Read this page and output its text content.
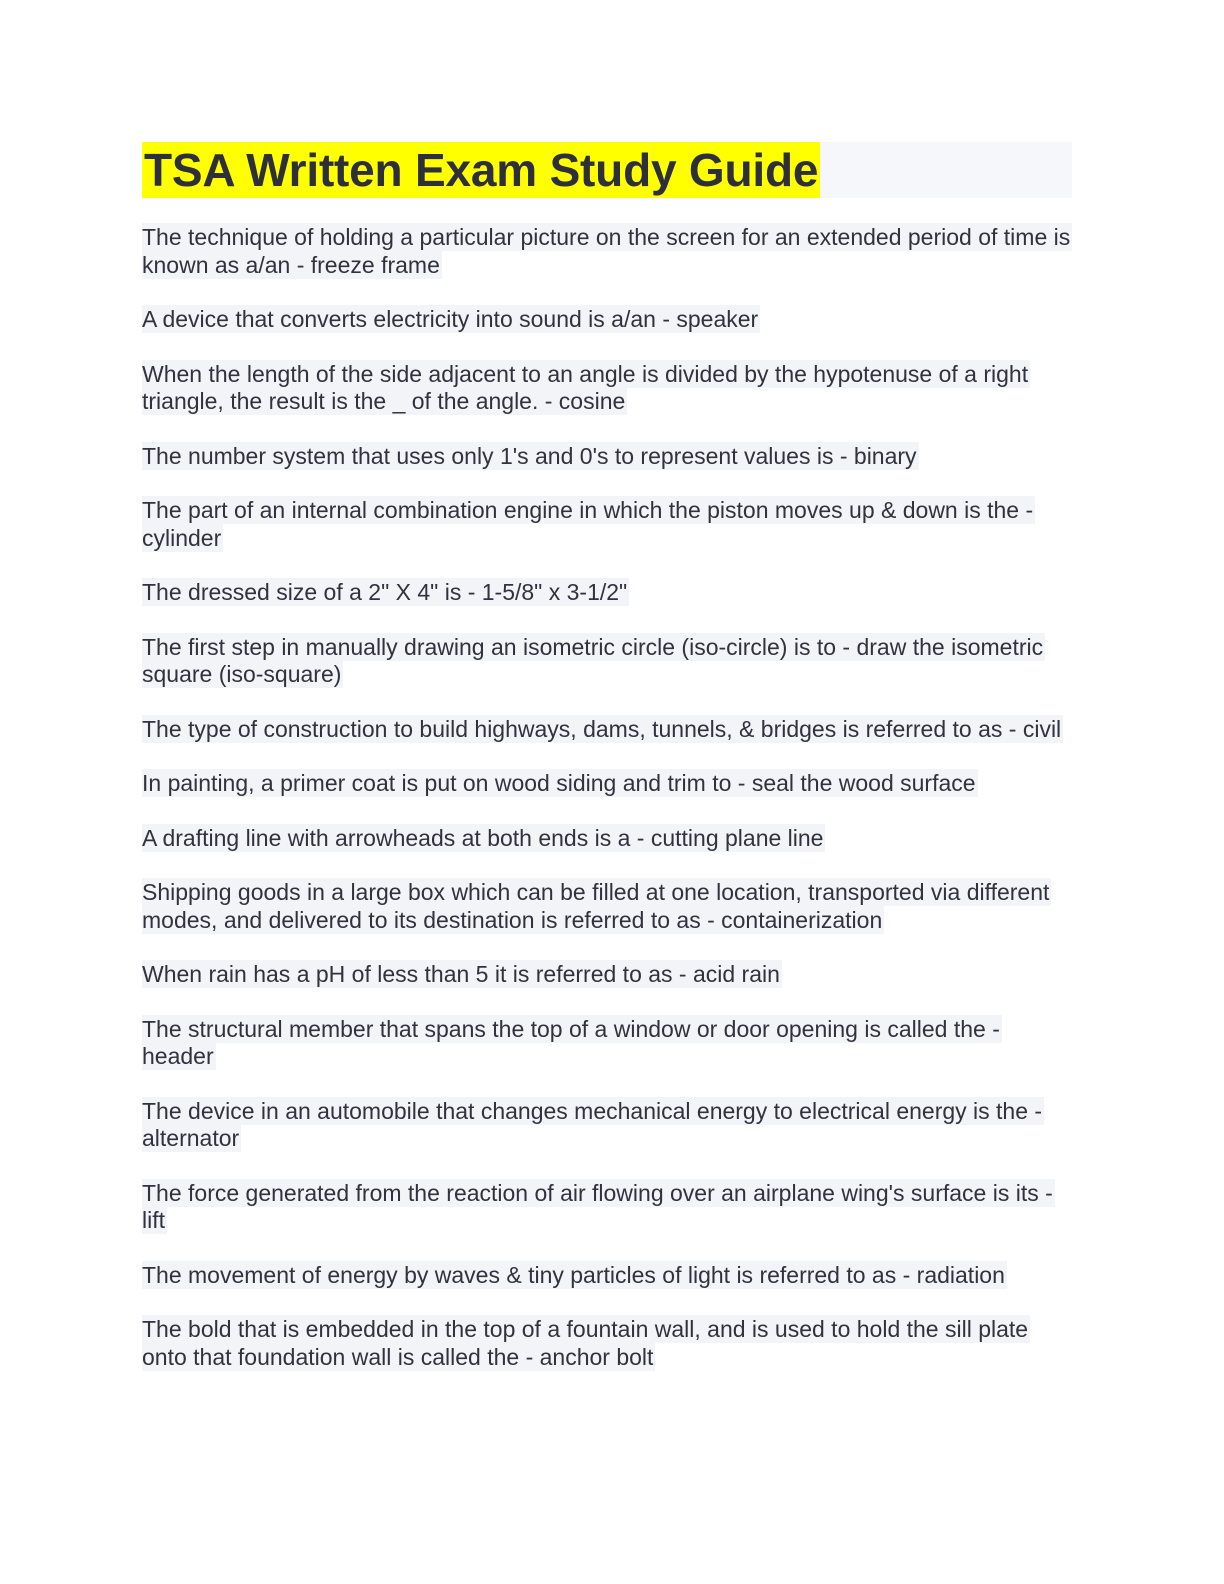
TSA Written Exam Study Guide
The technique of holding a particular picture on the screen for an extended period of time is known as a/an - freeze frame
A device that converts electricity into sound is a/an - speaker
When the length of the side adjacent to an angle is divided by the hypotenuse of a right triangle, the result is the _ of the angle. - cosine
The number system that uses only 1's and 0's to represent values is - binary
The part of an internal combination engine in which the piston moves up & down is the - cylinder
The dressed size of a 2" X 4" is - 1-5/8" x 3-1/2"
The first step in manually drawing an isometric circle (iso-circle) is to - draw the isometric square (iso-square)
The type of construction to build highways, dams, tunnels, & bridges is referred to as - civil
In painting, a primer coat is put on wood siding and trim to - seal the wood surface
A drafting line with arrowheads at both ends is a - cutting plane line
Shipping goods in a large box which can be filled at one location, transported via different modes, and delivered to its destination is referred to as - containerization
When rain has a pH of less than 5 it is referred to as - acid rain
The structural member that spans the top of a window or door opening is called the - header
The device in an automobile that changes mechanical energy to electrical energy is the - alternator
The force generated from the reaction of air flowing over an airplane wing's surface is its - lift
The movement of energy by waves & tiny particles of light is referred to as - radiation
The bold that is embedded in the top of a fountain wall, and is used to hold the sill plate onto that foundation wall is called the - anchor bolt
